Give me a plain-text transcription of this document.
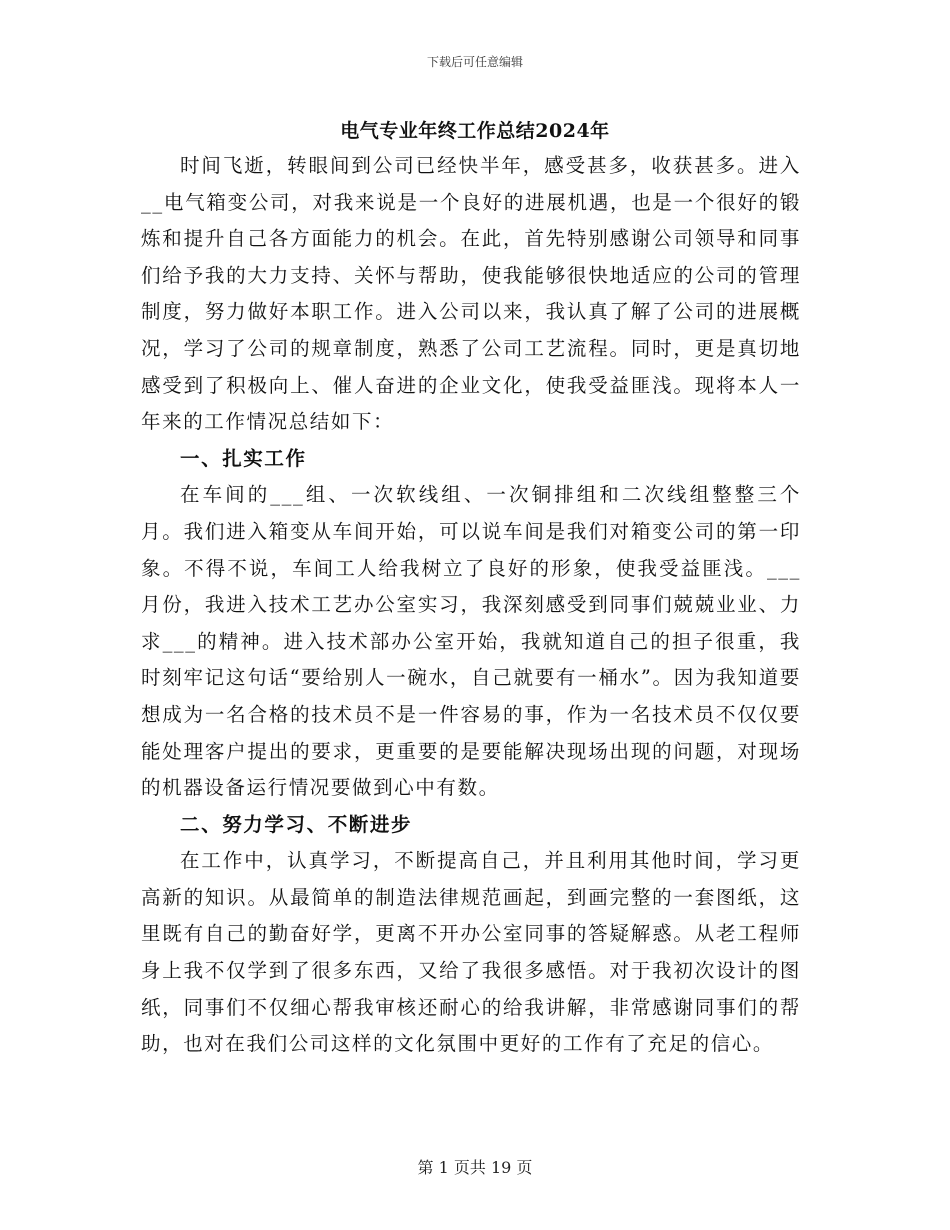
下载后可任意编辑
电气专业年终工作总结2024年

时间飞逝，转眼间到公司已经快半年，感受甚多，收获甚多。进入__电气箱变公司，对我来说是一个良好的进展机遇，也是一个很好的锻炼和提升自己各方面能力的机会。在此，首先特别感谢公司领导和同事们给予我的大力支持、关怀与帮助，使我能够很快地适应的公司的管理制度，努力做好本职工作。进入公司以来，我认真了解了公司的进展概况，学习了公司的规章制度，熟悉了公司工艺流程。同时，更是真切地感受到了积极向上、催人奋进的企业文化，使我受益匪浅。现将本人一年来的工作情况总结如下：

一、扎实工作

在车间的___组、一次软线组、一次铜排组和二次线组整整三个月。我们进入箱变从车间开始，可以说车间是我们对箱变公司的第一印象。不得不说，车间工人给我树立了良好的形象，使我受益匪浅。___月份，我进入技术工艺办公室实习，我深刻感受到同事们兢兢业业、力求___的精神。进入技术部办公室开始，我就知道自己的担子很重，我时刻牢记这句话“要给别人一碗水，自己就要有一桶水”。因为我知道要想成为一名合格的技术员不是一件容易的事，作为一名技术员不仅仅要能处理客户提出的要求，更重要的是要能解决现场出现的问题，对现场的机器设备运行情况要做到心中有数。

二、努力学习、不断进步

在工作中，认真学习，不断提高自己，并且利用其他时间，学习更高新的知识。从最简单的制造法律规范画起，到画完整的一套图纸，这里既有自己的勤奋好学，更离不开办公室同事的答疑解惑。从老工程师身上我不仅学到了很多东西，又给了我很多感悟。对于我初次设计的图纸，同事们不仅细心帮我审核还耐心的给我讲解，非常感谢同事们的帮助，也对在我们公司这样的文化氛围中更好的工作有了充足的信心。

第 1 页共 19 页
